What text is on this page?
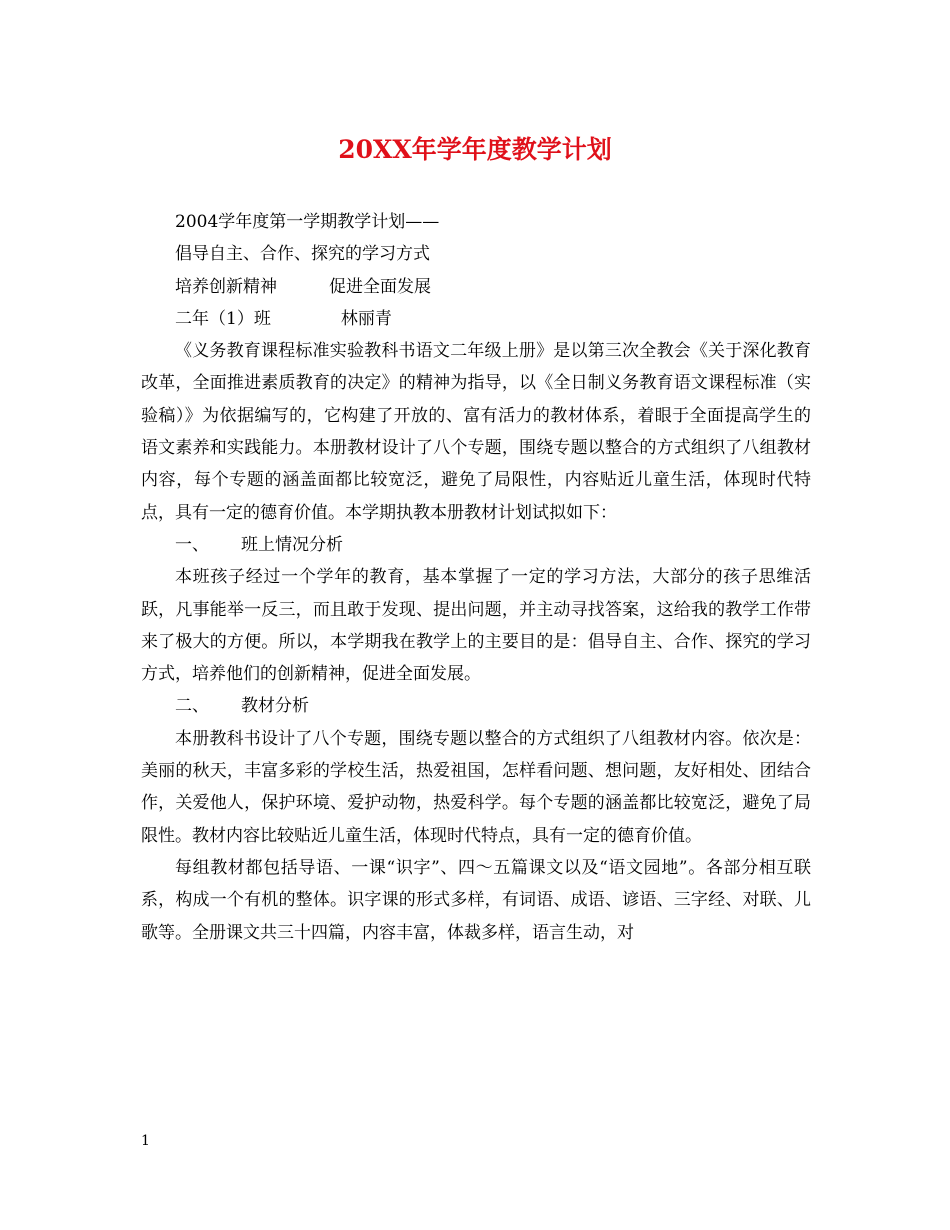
20XX年学年度教学计划

2004学年度第一学期教学计划——

倡导自主、合作、探究的学习方式

培养创新精神	促进全面发展

二年（1）班	林丽青

《义务教育课程标准实验教科书语文二年级上册》是以第三次全教会《关于深化教育改革，全面推进素质教育的决定》的精神为指导，以《全日制义务教育语文课程标准（实验稿）》为依据编写的，它构建了开放的、富有活力的教材体系，着眼于全面提高学生的语文素养和实践能力。本册教材设计了八个专题，围绕专题以整合的方式组织了八组教材内容，每个专题的涵盖面都比较宽泛，避免了局限性，内容贴近儿童生活，体现时代特点，具有一定的德育价值。本学期执教本册教材计划试拟如下：

一、 班上情况分析

本班孩子经过一个学年的教育，基本掌握了一定的学习方法，大部分的孩子思维活跃，凡事能举一反三，而且敢于发现、提出问题，并主动寻找答案，这给我的教学工作带来了极大的方便。所以，本学期我在教学上的主要目的是：倡导自主、合作、探究的学习方式，培养他们的创新精神，促进全面发展。

二、 教材分析

本册教科书设计了八个专题，围绕专题以整合的方式组织了八组教材内容。依次是：美丽的秋天，丰富多彩的学校生活，热爱祖国，怎样看问题、想问题，友好相处、团结合作，关爱他人，保护环境、爱护动物，热爱科学。每个专题的涵盖都比较宽泛，避免了局限性。教材内容比较贴近儿童生活，体现时代特点，具有一定的德育价值。

每组教材都包括导语、一课“识字”、四～五篇课文以及“语文园地”。各部分相互联系，构成一个有机的整体。识字课的形式多样，有词语、成语、谚语、三字经、对联、儿歌等。全册课文共三十四篇，内容丰富，体裁多样，语言生动，对

1
